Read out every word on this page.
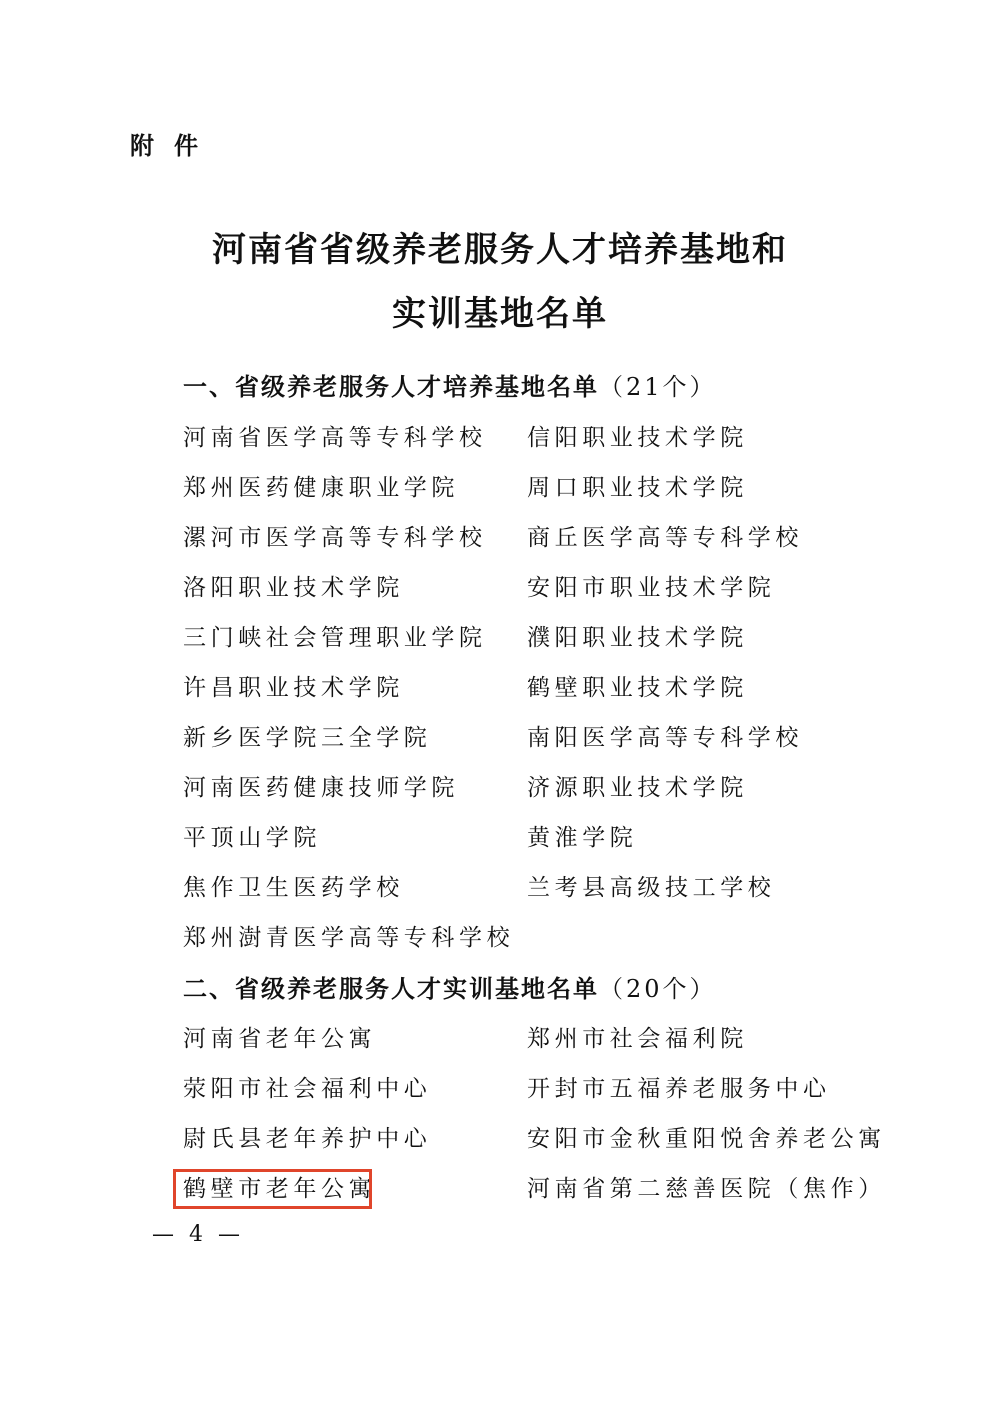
附件
河南省省级养老服务人才培养基地和
实训基地名单
一、省级养老服务人才培养基地名单（21个）
河南省医学高等专科学校 信阳职业技术学院
郑州医药健康职业学院	周口职业技术学院
漯河市医学高等专科学校 商丘医学高等专科学校
洛阳职业技术学院	安阳市职业技术学院
三门峡社会管理职业学院 濮阳职业技术学院
许昌职业技术学院	鹤壁职业技术学院
新乡医学院三全学院	南阳医学高等专科学校
河南医药健康技师学院	济源职业技术学院
平顶山学院	黄淮学院
焦作卫生医药学校	兰考县高级技工学校
郑州澍青医学高等专科学校
二、省级养老服务人才实训基地名单（20个）
河南省老年公寓	郑州市社会福利院
荥阳市社会福利中心	开封市五福养老服务中心
尉氏县老年养护中心	安阳市金秋重阳悦舍养老公寓
鹤壁市老年公寓	河南省第二慈善医院（焦作）
— 4 —
